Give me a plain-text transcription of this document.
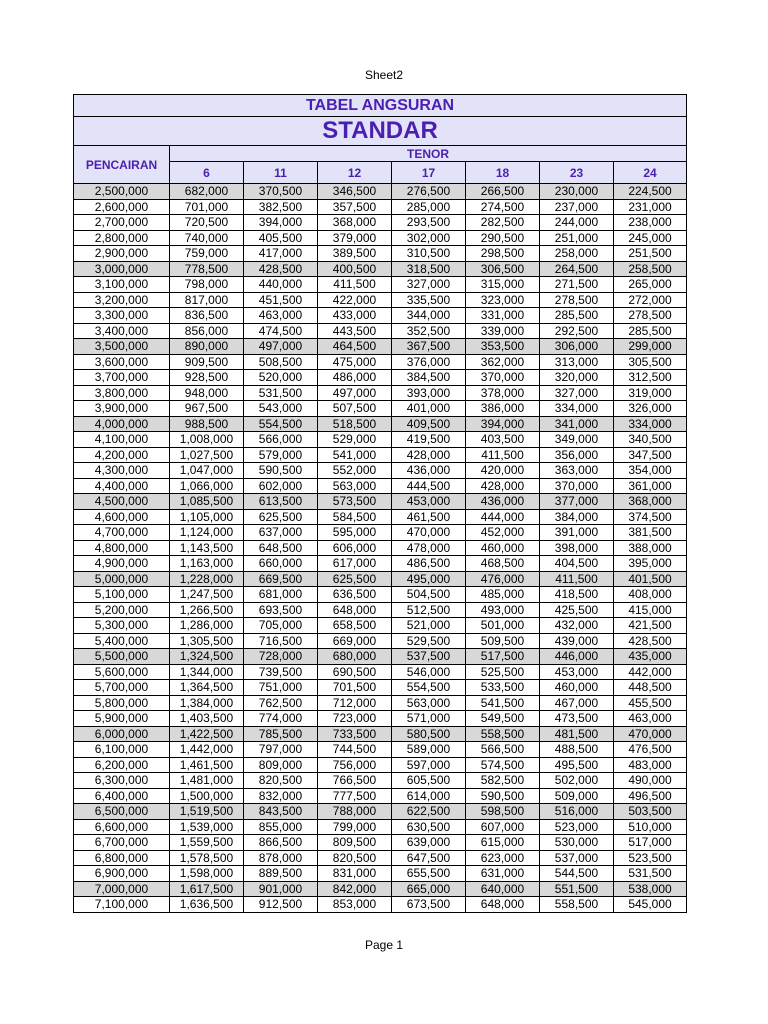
Sheet2
TABEL ANGSURAN							
STANDAR							
PENCAIRAN	TENOR						
	6	11	12	17	18	23	24
2,500,000	682,000	370,500	346,500	276,500	266,500	230,000	224,500
2,600,000	701,000	382,500	357,500	285,000	274,500	237,000	231,000
2,700,000	720,500	394,000	368,000	293,500	282,500	244,000	238,000
2,800,000	740,000	405,500	379,000	302,000	290,500	251,000	245,000
2,900,000	759,000	417,000	389,500	310,500	298,500	258,000	251,500
3,000,000	778,500	428,500	400,500	318,500	306,500	264,500	258,500
3,100,000	798,000	440,000	411,500	327,000	315,000	271,500	265,000
3,200,000	817,000	451,500	422,000	335,500	323,000	278,500	272,000
3,300,000	836,500	463,000	433,000	344,000	331,000	285,500	278,500
3,400,000	856,000	474,500	443,500	352,500	339,000	292,500	285,500
3,500,000	890,000	497,000	464,500	367,500	353,500	306,000	299,000
3,600,000	909,500	508,500	475,000	376,000	362,000	313,000	305,500
3,700,000	928,500	520,000	486,000	384,500	370,000	320,000	312,500
3,800,000	948,000	531,500	497,000	393,000	378,000	327,000	319,000
3,900,000	967,500	543,000	507,500	401,000	386,000	334,000	326,000
4,000,000	988,500	554,500	518,500	409,500	394,000	341,000	334,000
4,100,000	1,008,000	566,000	529,000	419,500	403,500	349,000	340,500
4,200,000	1,027,500	579,000	541,000	428,000	411,500	356,000	347,500
4,300,000	1,047,000	590,500	552,000	436,000	420,000	363,000	354,000
4,400,000	1,066,000	602,000	563,000	444,500	428,000	370,000	361,000
4,500,000	1,085,500	613,500	573,500	453,000	436,000	377,000	368,000
4,600,000	1,105,000	625,500	584,500	461,500	444,000	384,000	374,500
4,700,000	1,124,000	637,000	595,000	470,000	452,000	391,000	381,500
4,800,000	1,143,500	648,500	606,000	478,000	460,000	398,000	388,000
4,900,000	1,163,000	660,000	617,000	486,500	468,500	404,500	395,000
5,000,000	1,228,000	669,500	625,500	495,000	476,000	411,500	401,500
5,100,000	1,247,500	681,000	636,500	504,500	485,000	418,500	408,000
5,200,000	1,266,500	693,500	648,000	512,500	493,000	425,500	415,000
5,300,000	1,286,000	705,000	658,500	521,000	501,000	432,000	421,500
5,400,000	1,305,500	716,500	669,000	529,500	509,500	439,000	428,500
5,500,000	1,324,500	728,000	680,000	537,500	517,500	446,000	435,000
5,600,000	1,344,000	739,500	690,500	546,000	525,500	453,000	442,000
5,700,000	1,364,500	751,000	701,500	554,500	533,500	460,000	448,500
5,800,000	1,384,000	762,500	712,000	563,000	541,500	467,000	455,500
5,900,000	1,403,500	774,000	723,000	571,000	549,500	473,500	463,000
6,000,000	1,422,500	785,500	733,500	580,500	558,500	481,500	470,000
6,100,000	1,442,000	797,000	744,500	589,000	566,500	488,500	476,500
6,200,000	1,461,500	809,000	756,000	597,000	574,500	495,500	483,000
6,300,000	1,481,000	820,500	766,500	605,500	582,500	502,000	490,000
6,400,000	1,500,000	832,000	777,500	614,000	590,500	509,000	496,500
6,500,000	1,519,500	843,500	788,000	622,500	598,500	516,000	503,500
6,600,000	1,539,000	855,000	799,000	630,500	607,000	523,000	510,000
6,700,000	1,559,500	866,500	809,500	639,000	615,000	530,000	517,000
6,800,000	1,578,500	878,000	820,500	647,500	623,000	537,000	523,500
6,900,000	1,598,000	889,500	831,000	655,500	631,000	544,500	531,500
7,000,000	1,617,500	901,000	842,000	665,000	640,000	551,500	538,000
7,100,000	1,636,500	912,500	853,000	673,500	648,000	558,500	545,000
Page 1
